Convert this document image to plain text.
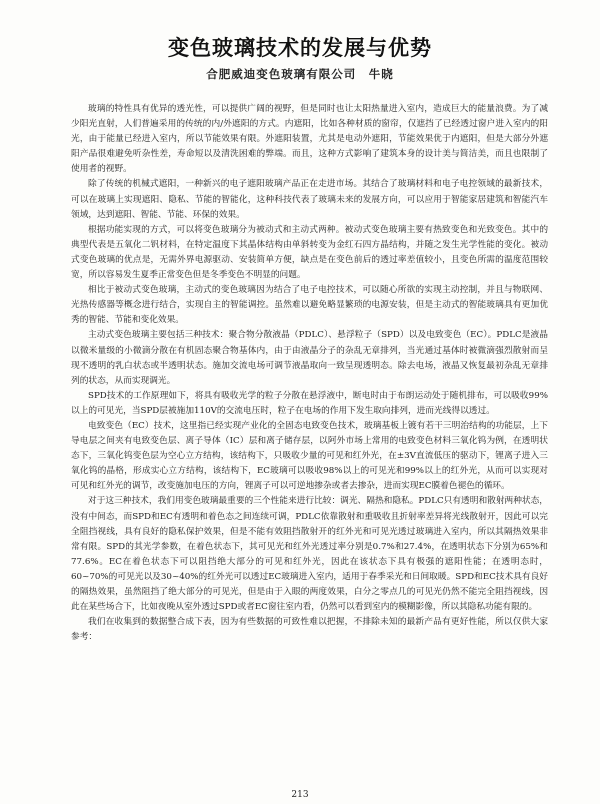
变色玻璃技术的发展与优势
合肥威迪变色玻璃有限公司　牛晓

玻璃的特性具有优异的透光性，可以提供广阔的视野，但是同时也让太阳热量进入室内，造成巨大的能量浪费。为了减少阳光直射，人们普遍采用的传统的内/外遮阳的方式。内遮阳，比如各种材质的窗帘，仅遮挡了已经透过窗户进入室内的阳光，由于能量已经进入室内，所以节能效果有限。外遮阳装置，尤其是电动外遮阳，节能效果优于内遮阳，但是大部分外遮阳产品很难避免听杂性差，寿命短以及清洗困难的弊端。而且，这种方式影响了建筑本身的设计美与简洁美，而且也限制了使用者的视野。

除了传统的机械式遮阳，一种新兴的电子遮阳玻璃产品正在走进市场。其结合了玻璃材料和电子电控领域的最新技术，可以在玻璃上实现遮阳、隐私、节能的智能化，这种科技代表了玻璃未来的发展方向，可以应用于智能家居建筑和智能汽车领域，达到遮阳、智能、节能、环保的效果。

根据功能实现的方式，可以将变色玻璃分为被动式和主动式两种。被动式变色玻璃主要有热致变色和光致变色。其中的典型代表是五氧化二钒材料，在特定温度下其晶体结构由单斜转变为金红石四方晶结构，并随之发生光学性能的变化。被动式变色玻璃的优点是，无需外界电源驱动、安装简单方便，缺点是在变色前后的透过率差值较小，且变色所需的温度范围较宽，所以容易发生夏季正常变色但是冬季变色不明显的问题。

相比于被动式变色玻璃，主动式的变色玻璃因为结合了电子电控技术，可以随心所欲的实现主动控制，并且与物联网、光热传感器等概念进行结合，实现自主的智能调控。虽然难以避免略显繁琐的电源安装，但是主动式的智能玻璃具有更加优秀的智能、节能和变化效果。

主动式变色玻璃主要包括三种技术：聚合物分散液晶（PDLC）、悬浮粒子（SPD）以及电致变色（EC）。PDLC是液晶以微米量级的小微滴分散在有机固态聚合物基体内，由于由液晶分子的杂乱无章排列，当光通过基体时被微滴强烈散射而呈现不透明的乳白状态或半透明状态。施加交流电场可调节液晶取向一致呈现透明态。除去电场，液晶又恢复最初杂乱无章排列的状态，从而实现调光。

SPD技术的工作原理如下，将具有吸收光学的粒子分散在悬浮液中，断电时由于布朗运动处于随机排布，可以吸收99%以上的可见光，当SPD层被施加110V的交流电压时，粒子在电场的作用下发生取向排列，进而光线得以透过。

电致变色（EC）技术，这里指已经实现产业化的全固态电致变色技术，玻璃基板上镀有若干三明治结构的功能层，上下导电层之间夹有电致变色层、离子导体（IC）层和离子储存层，以阿外市场上常用的电致变色材料三氧化钨为例，在透明状态下，三氧化钨变色层为空心立方结构，该结构下，只吸收少量的可见和红外光，在±3V直流低压的驱动下，锂离子进入三氧化钨的晶格，形成实心立方结构，该结构下，EC玻璃可以吸收98%以上的可见光和99%以上的红外光，从而可以实现对可见和红外光的调节，改变施加电压的方向，锂离子可以可逆地掺杂或者去掺杂，进而实现EC膜着色褪色的循环。

对于这三种技术，我们用变色玻璃最重要的三个性能来进行比较：调光、隔热和隐私。PDLC只有透明和散射两种状态，没有中间态，而SPD和EC有透明和着色态之间连续可调，PDLC依靠散射和重吸收且折射率差异将光线散射开，因此可以完全阻挡视线，具有良好的隐私保护效果，但是不能有效阻挡散射开的红外光和可见光透过玻璃进入室内，所以其隔热效果非常有限。SPD的其光学参数，在着色状态下，其可见光和红外光透过率分别是0.7%和27.4%，在透明状态下分别为65%和77.6%。EC在着色状态下可以阻挡绝大部分的可见和红外光，因此在该状态下具有极强的遮阳性能；在透明态时，60~70%的可见光以及30~40%的红外光可以透过EC玻璃进入室内，适用于春季采光和日间取暖。SPD和EC技术具有良好的隔热效果，虽然阻挡了绝大部分的可见光，但是由于入眼的两度效果，白分之零点几的可见光仍然不能完全阻挡视线，因此在某些场合下，比如夜晚从室外透过SPD或者EC窗往室内看，仍然可以看到室内的模糊影像，所以其隐私功能有限的。

我们在收集到的数据整合成下表，因为有些数据的可致性难以把握，不排除未知的最新产品有更好性能，所以仅供大家参考：

213
